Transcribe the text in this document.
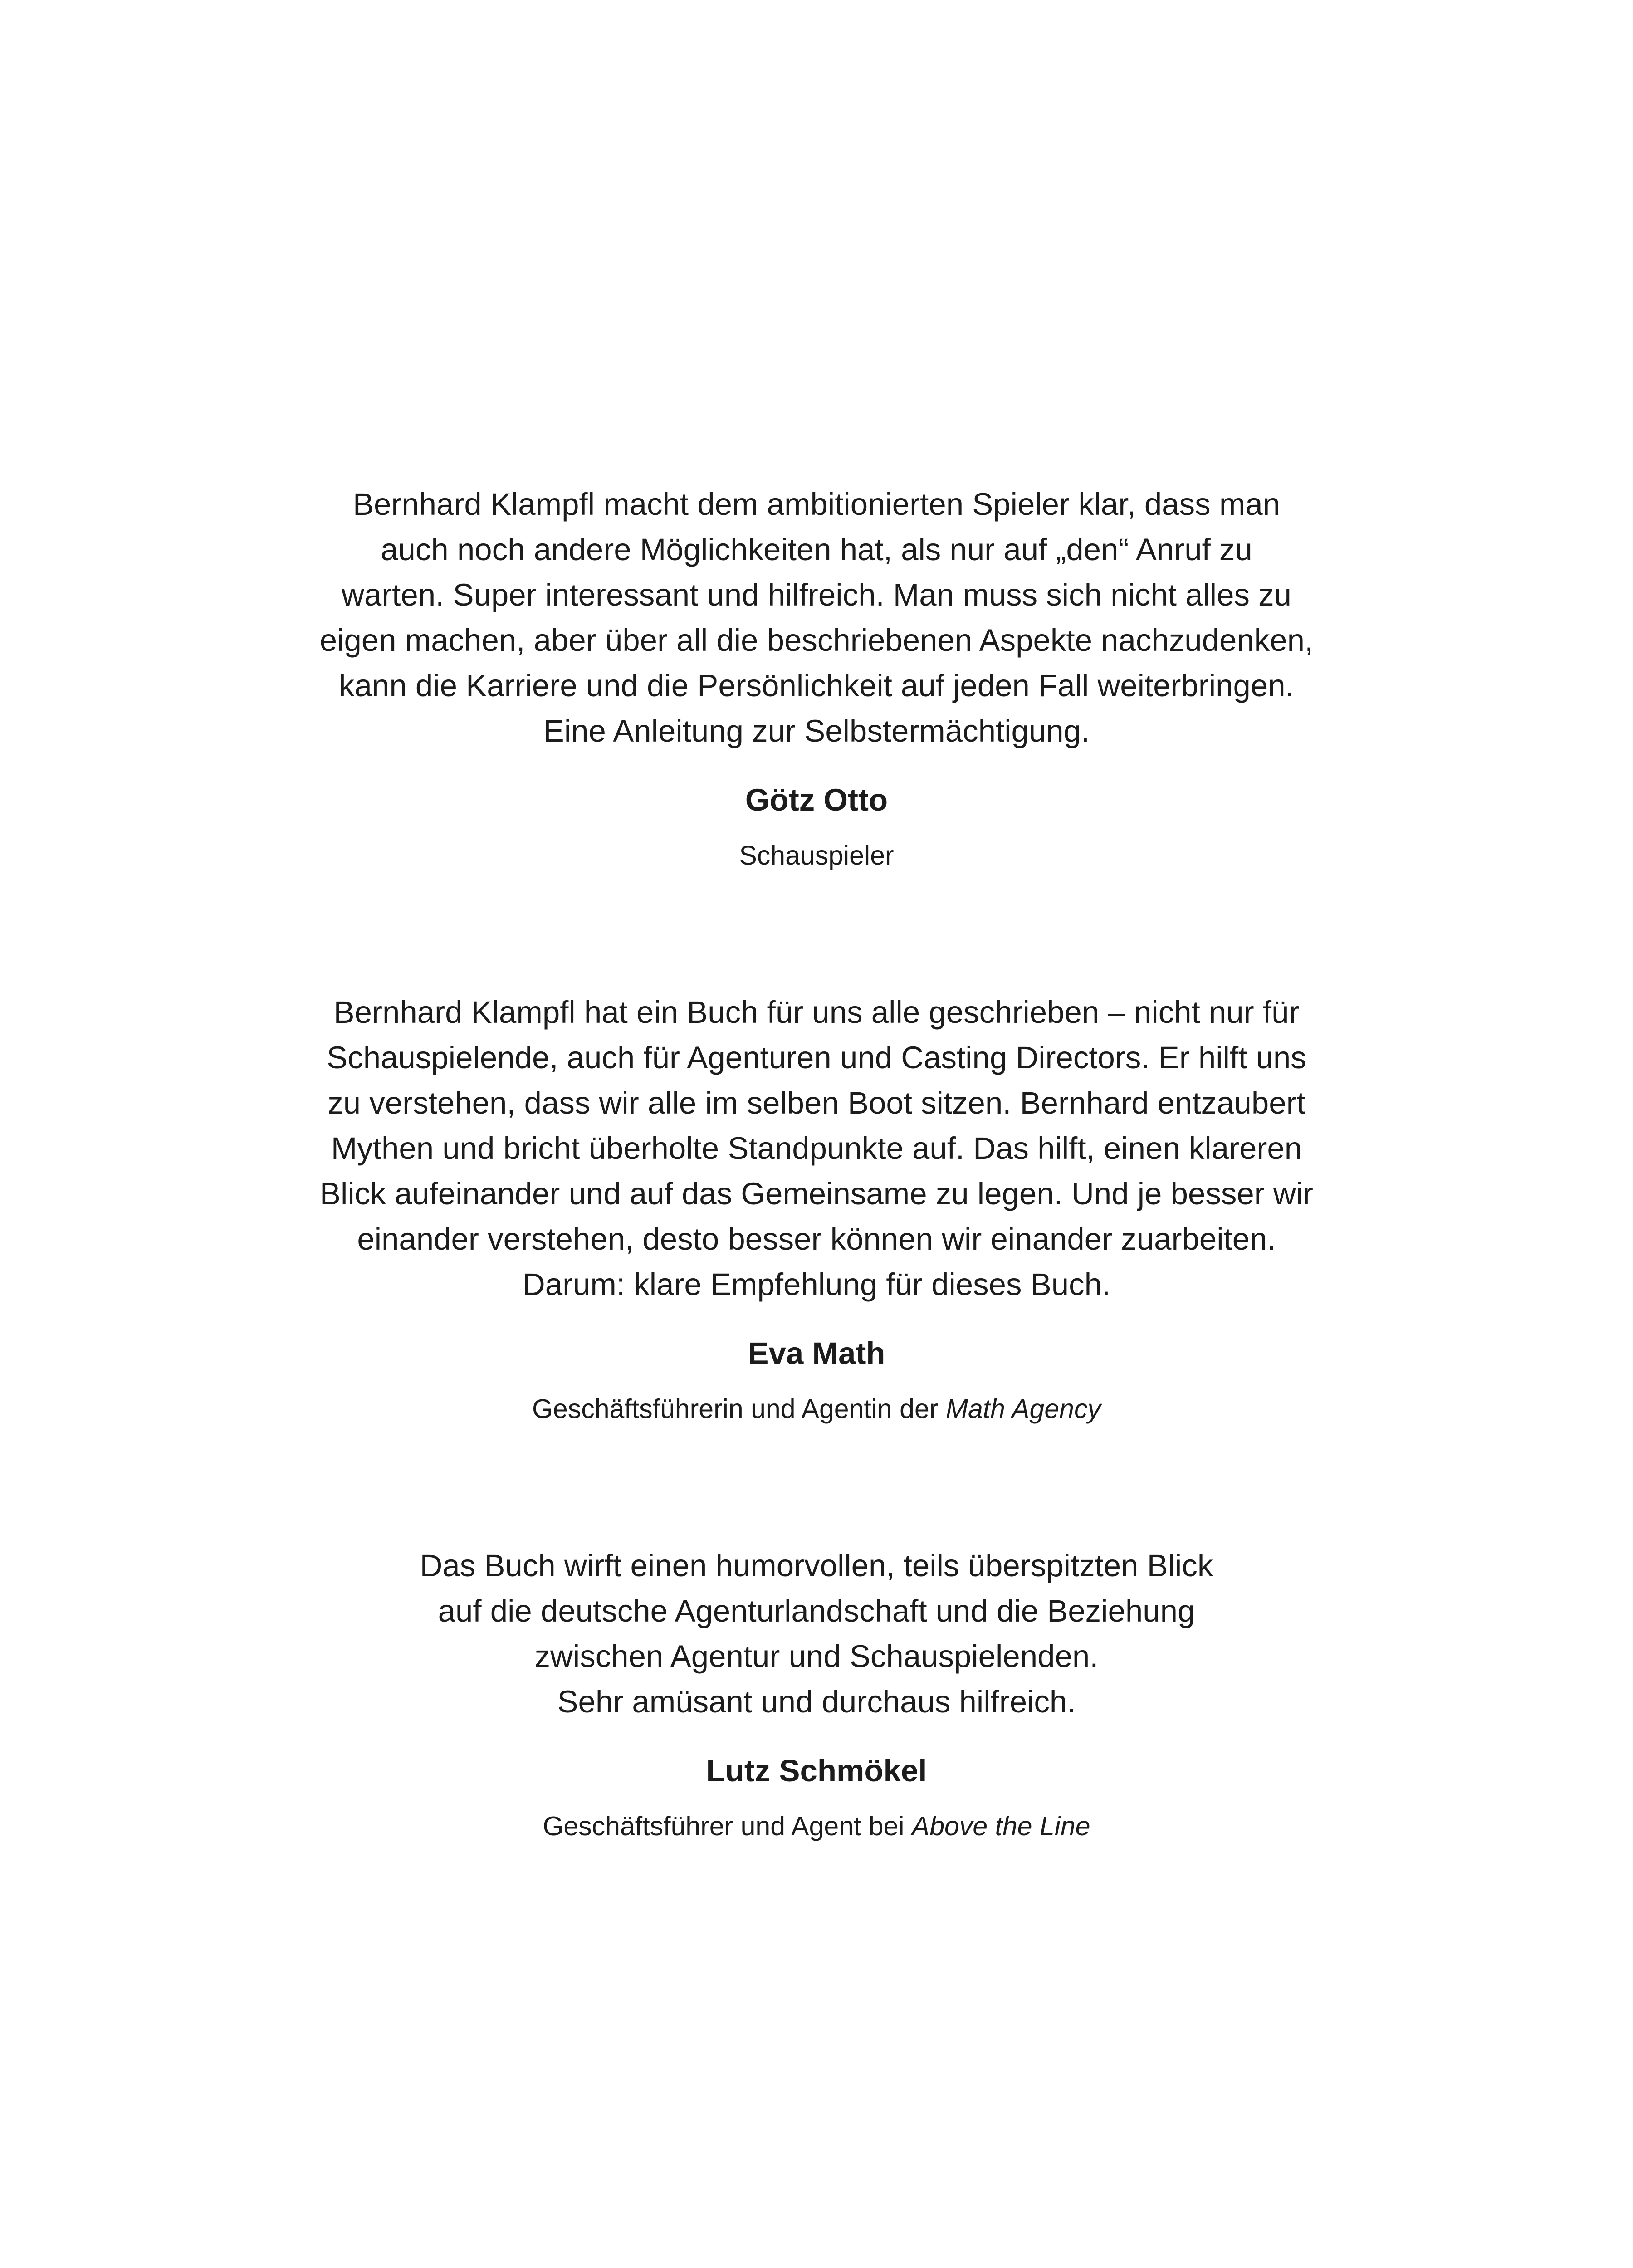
Bernhard Klampfl macht dem ambitionierten Spieler klar, dass man
auch noch andere Möglichkeiten hat, als nur auf „den“ Anruf zu
warten. Super interessant und hilfreich. Man muss sich nicht alles zu
eigen machen, aber über all die beschriebenen Aspekte nachzudenken,
kann die Karriere und die Persönlichkeit auf jeden Fall weiterbringen.
Eine Anleitung zur Selbstermächtigung.

Götz Otto

Schauspieler

Bernhard Klampfl hat ein Buch für uns alle geschrieben – nicht nur für
Schauspielende, auch für Agenturen und Casting Directors. Er hilft uns
zu verstehen, dass wir alle im selben Boot sitzen. Bernhard entzaubert
Mythen und bricht überholte Standpunkte auf. Das hilft, einen klareren
Blick aufeinander und auf das Gemeinsame zu legen. Und je besser wir
einander verstehen, desto besser können wir einander zuarbeiten.
Darum: klare Empfehlung für dieses Buch.

Eva Math

Geschäftsführerin und Agentin der Math Agency

Das Buch wirft einen humorvollen, teils überspitzten Blick
auf die deutsche Agenturlandschaft und die Beziehung
zwischen Agentur und Schauspielenden.
Sehr amüsant und durchaus hilfreich.

Lutz Schmökel

Geschäftsführer und Agent bei Above the Line
